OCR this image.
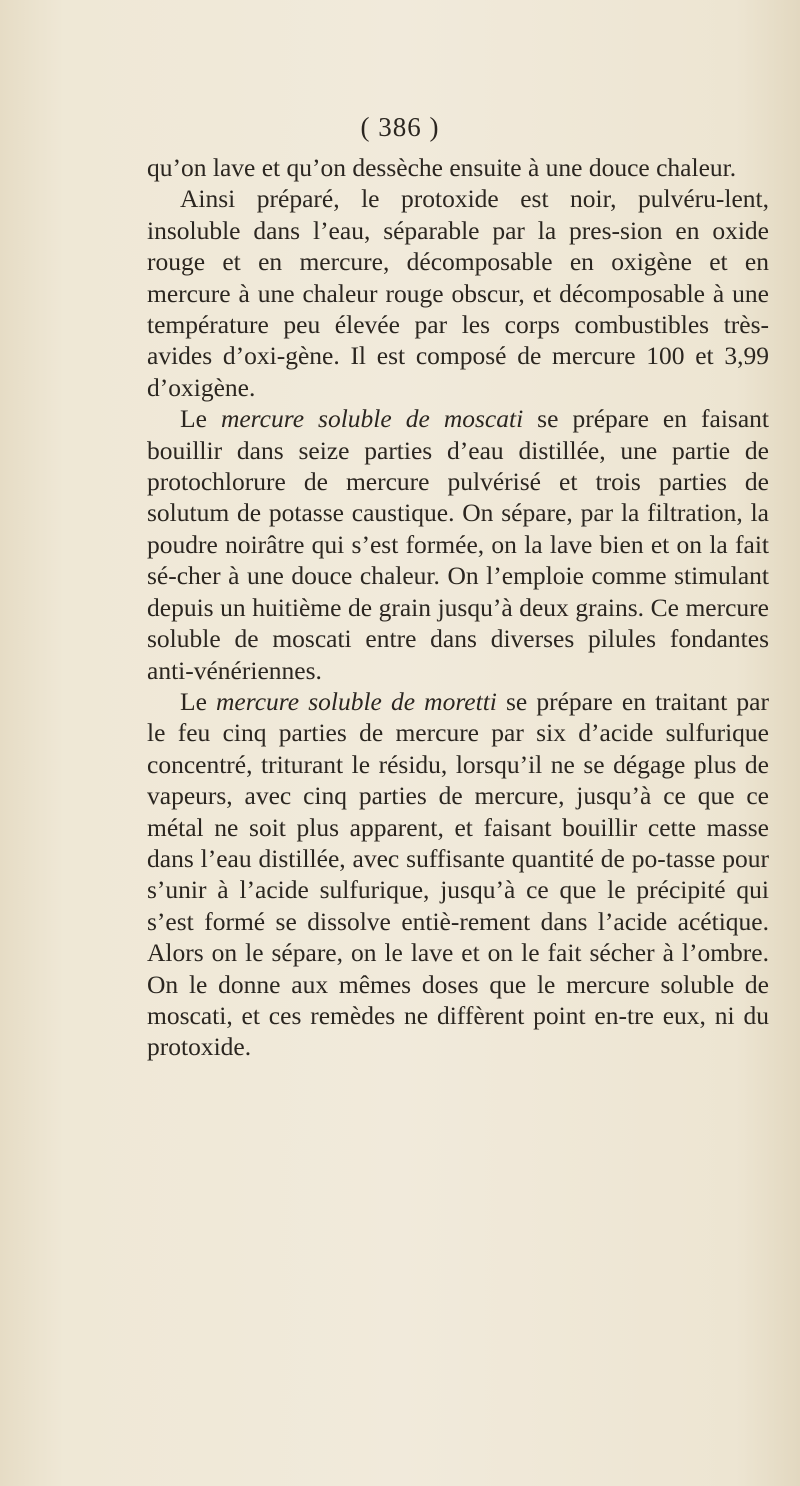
( 386 )

qu’on lave et qu’on dessèche ensuite à une douce chaleur.

Ainsi préparé, le protoxide est noir, pulvéru-lent, insoluble dans l’eau, séparable par la pres-sion en oxide rouge et en mercure, décomposable en oxigène et en mercure à une chaleur rouge obscur, et décomposable à une température peu élevée par les corps combustibles très-avides d’oxi-gène. Il est composé de mercure 100 et 3,99 d’oxigène.

Le mercure soluble de moscati se prépare en faisant bouillir dans seize parties d’eau distillée, une partie de protochlorure de mercure pulvérisé et trois parties de solutum de potasse caustique. On sépare, par la filtration, la poudre noirâtre qui s’est formée, on la lave bien et on la fait sé-cher à une douce chaleur. On l’emploie comme stimulant depuis un huitième de grain jusqu’à deux grains. Ce mercure soluble de moscati entre dans diverses pilules fondantes anti-vénériennes.

Le mercure soluble de moretti se prépare en traitant par le feu cinq parties de mercure par six d’acide sulfurique concentré, triturant le résidu, lorsqu’il ne se dégage plus de vapeurs, avec cinq parties de mercure, jusqu’à ce que ce métal ne soit plus apparent, et faisant bouillir cette masse dans l’eau distillée, avec suffisante quantité de po-tasse pour s’unir à l’acide sulfurique, jusqu’à ce que le précipité qui s’est formé se dissolve entiè-rement dans l’acide acétique. Alors on le sépare, on le lave et on le fait sécher à l’ombre. On le donne aux mêmes doses que le mercure soluble de moscati, et ces remèdes ne diffèrent point en-tre eux, ni du protoxide.
